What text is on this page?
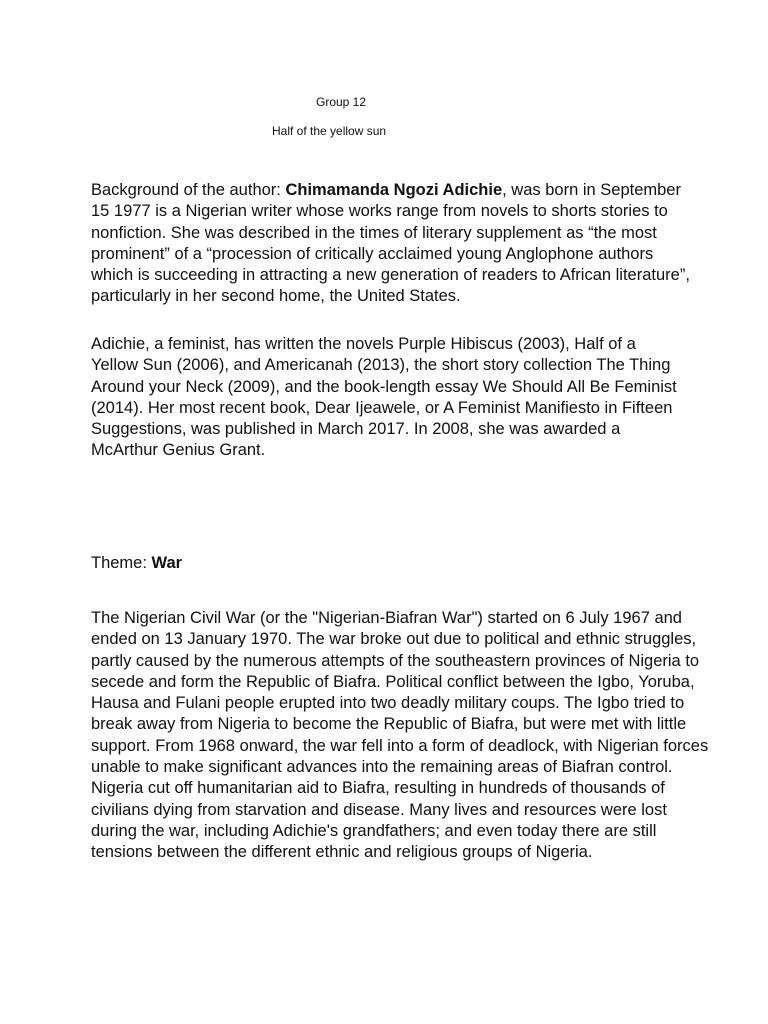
Group 12
Half of the yellow sun

Background of the author: Chimamanda Ngozi Adichie, was born in September 15 1977 is a Nigerian writer whose works range from novels to shorts stories to nonfiction. She was described in the times of literary supplement as “the most prominent” of a “procession of critically acclaimed young Anglophone authors which is succeeding in attracting a new generation of readers to African literature”, particularly in her second home, the United States.

Adichie, a feminist, has written the novels Purple Hibiscus (2003), Half of a Yellow Sun (2006), and Americanah (2013), the short story collection The Thing Around your Neck (2009), and the book-length essay We Should All Be Feminist (2014). Her most recent book, Dear Ijeawele, or A Feminist Manifiesto in Fifteen Suggestions, was published in March 2017. In 2008, she was awarded a McArthur Genius Grant.

Theme: War

The Nigerian Civil War (or the "Nigerian-Biafran War") started on 6 July 1967 and ended on 13 January 1970. The war broke out due to political and ethnic struggles, partly caused by the numerous attempts of the southeastern provinces of Nigeria to secede and form the Republic of Biafra. Political conflict between the Igbo, Yoruba, Hausa and Fulani people erupted into two deadly military coups. The Igbo tried to break away from Nigeria to become the Republic of Biafra, but were met with little support. From 1968 onward, the war fell into a form of deadlock, with Nigerian forces unable to make significant advances into the remaining areas of Biafran control. Nigeria cut off humanitarian aid to Biafra, resulting in hundreds of thousands of civilians dying from starvation and disease. Many lives and resources were lost during the war, including Adichie's grandfathers; and even today there are still tensions between the different ethnic and religious groups of Nigeria.
